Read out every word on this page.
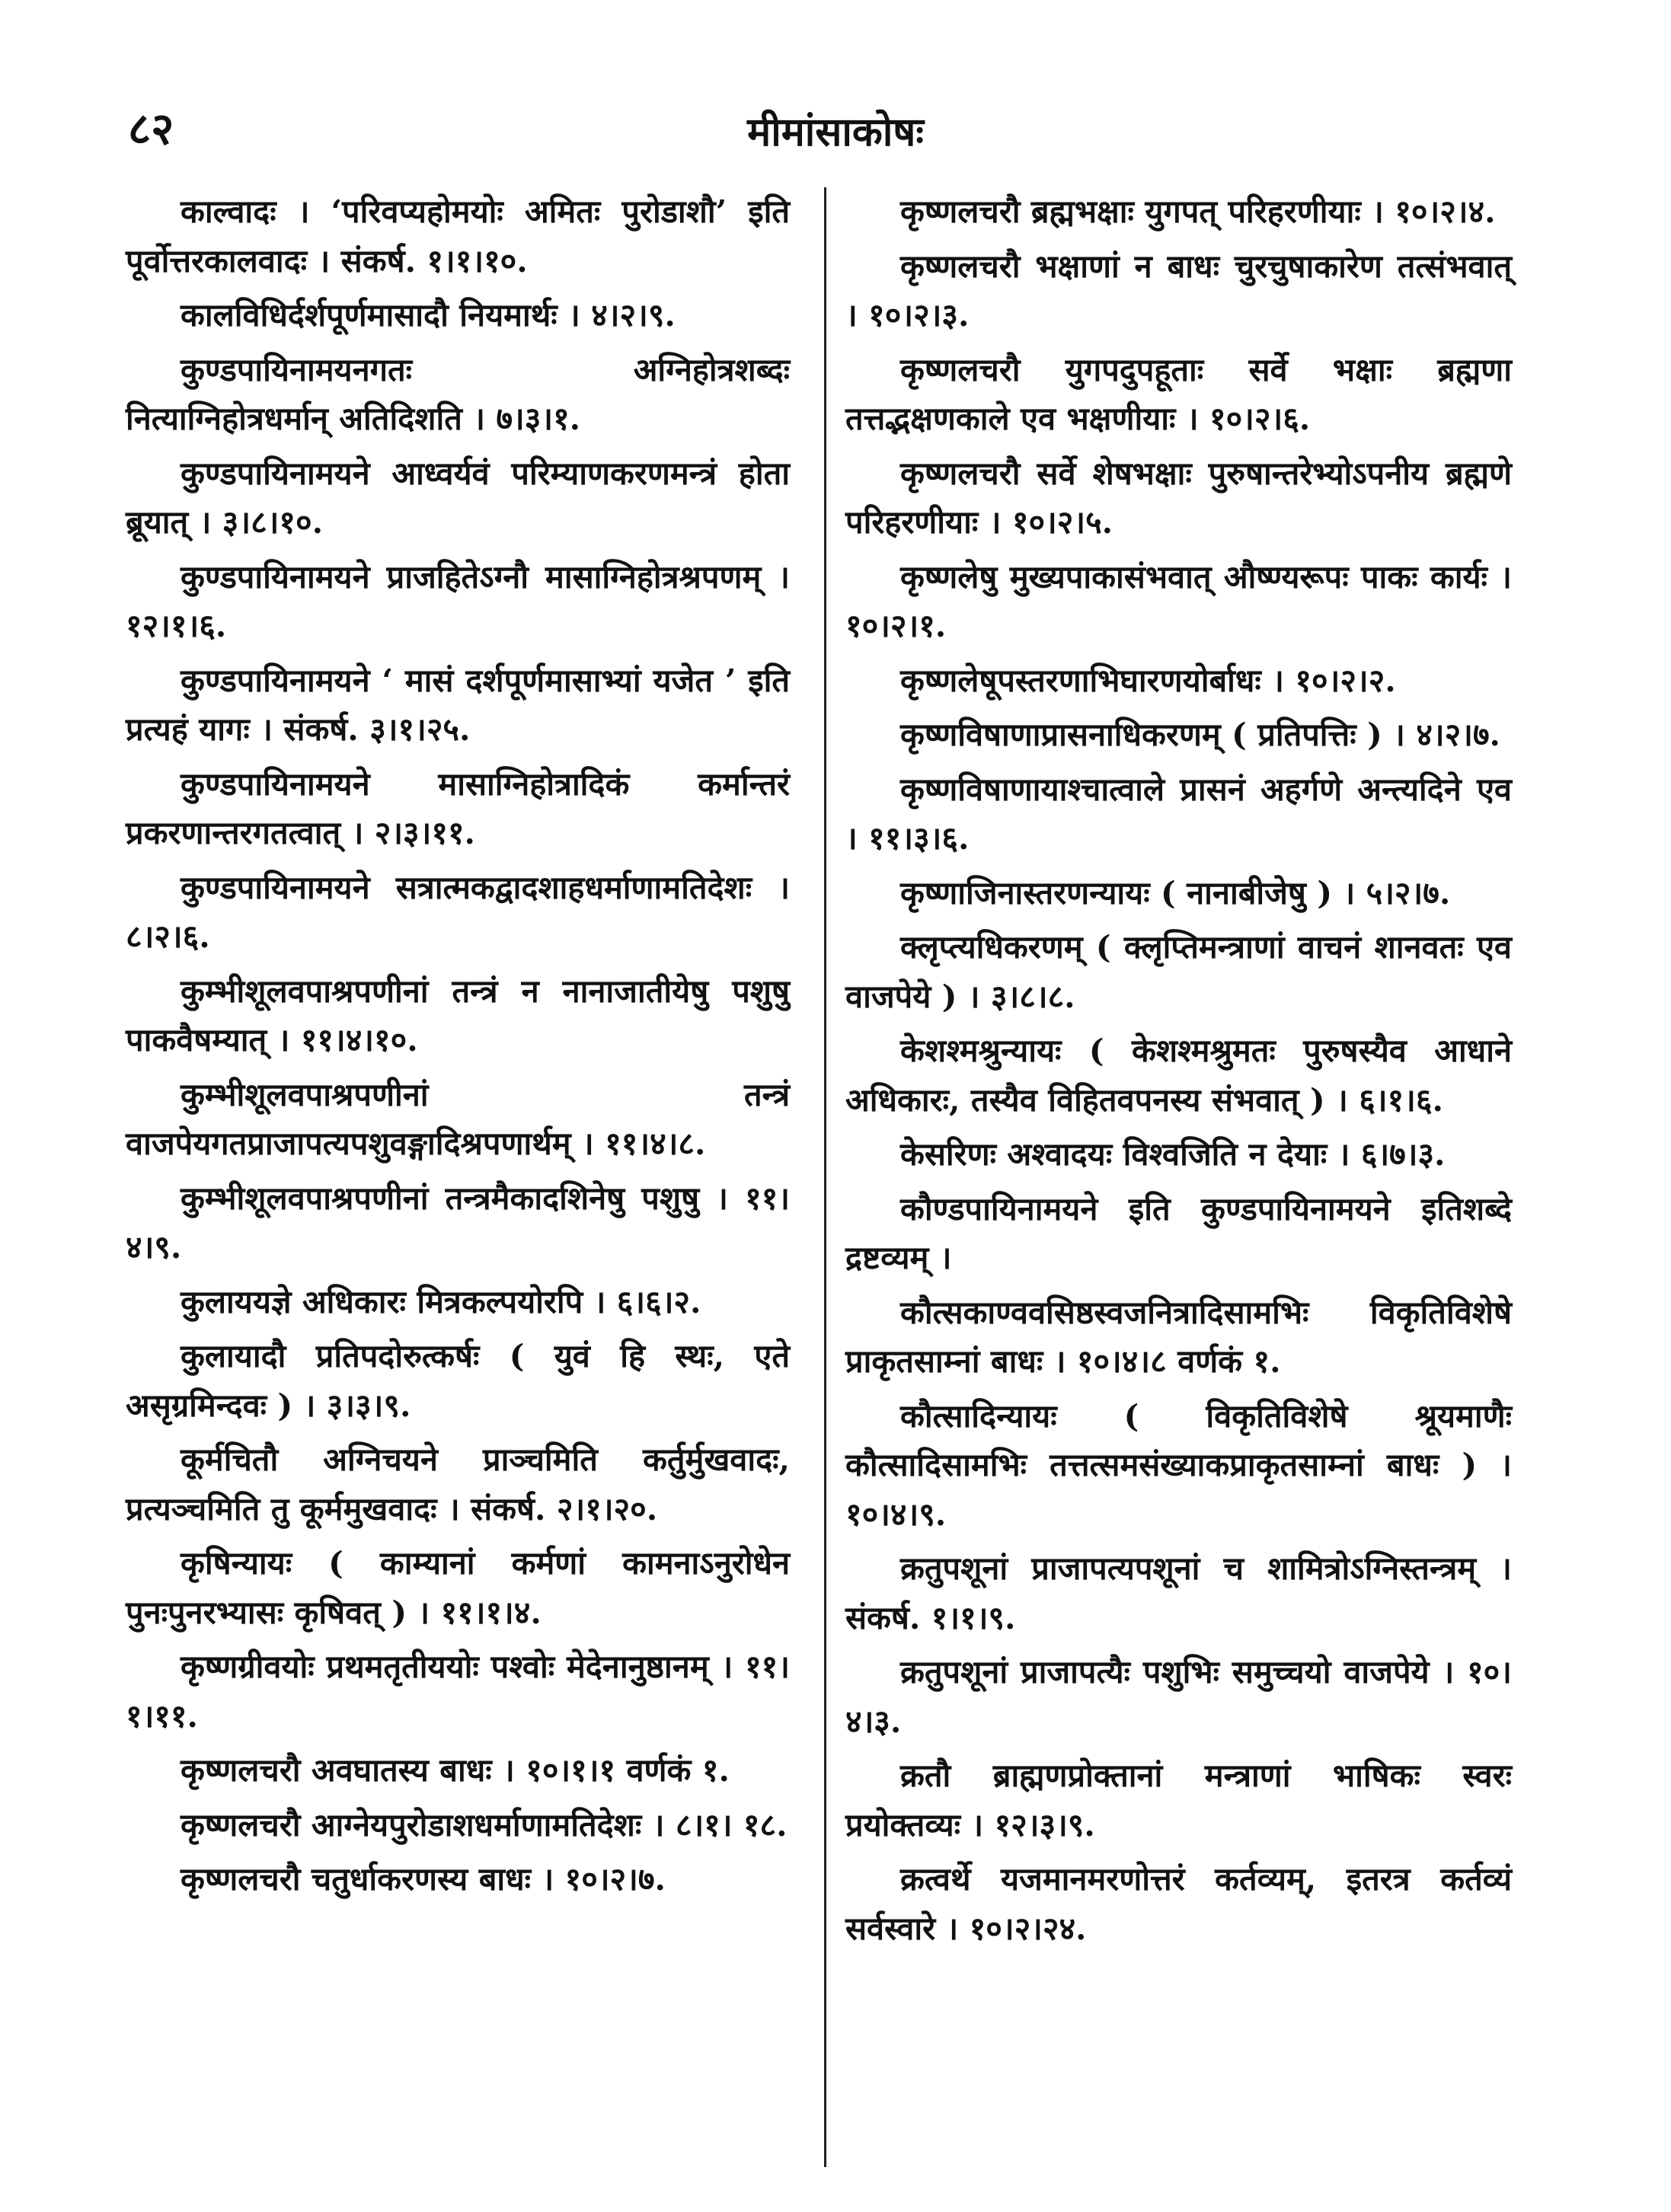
८२	मीमांसाकोषः

काल्वादः । ‘परिवप्यहोमयोः अमितः पुरोडाशौ’ इति पूर्वोत्तरकालवादः । संकर्ष. १।१।१०.

कालविधिर्दर्शपूर्णमासादौ नियमार्थः । ४।२।९.

कुण्डपायिनामयनगतः अग्निहोत्रशब्दः नित्याग्निहोत्रधर्मान् अतिदिशति । ७।३।१.

कुण्डपायिनामयने आध्वर्यवं परिम्याणकरणमन्त्रं होता ब्रूयात् । ३।८।१०.

कुण्डपायिनामयने प्राजहितेऽग्नौ मासाग्निहोत्रश्रपणम् । १२।१।६.

कुण्डपायिनामयने ‘ मासं दर्शपूर्णमासाभ्यां यजेत ’ इति प्रत्यहं यागः । संकर्ष. ३।१।२५.

कुण्डपायिनामयने मासाग्निहोत्रादिकं कर्मान्तरं प्रकरणान्तरगतत्वात् । २।३।११.

कुण्डपायिनामयने सत्रात्मकद्वादशाहधर्माणामतिदेशः । ८।२।६.

कुम्भीशूलवपाश्रपणीनां तन्त्रं न नानाजातीयेषु पशुषु पाकवैषम्यात् । ११।४।१०.

कुम्भीशूलवपाश्रपणीनां तन्त्रं वाजपेयगतप्राजापत्यपशुवङ्गादिश्रपणार्थम् । ११।४।८.

कुम्भीशूलवपाश्रपणीनां तन्त्रमैकादशिनेषु पशुषु । ११।४।९.

कुलाययज्ञे अधिकारः मित्रकल्पयोरपि । ६।६।२.

कुलायादौ प्रतिपदोरुत्कर्षः ( युवं हि स्थः, एते असृग्रमिन्दवः ) । ३।३।९.

कूर्मचितौ अग्निचयने प्राञ्चमिति कर्तुर्मुखवादः, प्रत्यञ्चमिति तु कूर्ममुखवादः । संकर्ष. २।१।२०.

कृषिन्यायः ( काम्यानां कर्मणां कामनाऽनुरोधेन पुनःपुनरभ्यासः कृषिवत् ) । ११।१।४.

कृष्णग्रीवयोः प्रथमतृतीययोः पश्वोः मेदेनानुष्ठानम् । ११।१।११.

कृष्णलचरौ अवघातस्य बाधः । १०।१।१ वर्णकं १.

कृष्णलचरौ आग्नेयपुरोडाशधर्माणामतिदेशः । ८।१। १८.

कृष्णलचरौ चतुर्धाकरणस्य बाधः । १०।२।७.

कृष्णलचरौ ब्रह्मभक्षाः युगपत् परिहरणीयाः । १०।२।४.

कृष्णलचरौ भक्षाणां न बाधः चुरचुषाकारेण तत्संभवात् । १०।२।३.

कृष्णलचरौ युगपदुपहूताः सर्वे भक्षाः ब्रह्मणा तत्तद्भक्षणकाले एव भक्षणीयाः । १०।२।६.

कृष्णलचरौ सर्वे शेषभक्षाः पुरुषान्तरेभ्योऽपनीय ब्रह्मणे परिहरणीयाः । १०।२।५.

कृष्णलेषु मुख्यपाकासंभवात् औष्ण्यरूपः पाकः कार्यः । १०।२।१.

कृष्णलेषूपस्तरणाभिघारणयोर्बाधः । १०।२।२.

कृष्णविषाणाप्रासनाधिकरणम् ( प्रतिपत्तिः ) । ४।२।७.

कृष्णविषाणायाश्चात्वाले प्रासनं अहर्गणे अन्त्यदिने एव । ११।३।६.

कृष्णाजिनास्तरणन्यायः ( नानाबीजेषु ) । ५।२।७.

क्लृप्त्यधिकरणम् ( क्लृप्तिमन्त्राणां वाचनं शानवतः एव वाजपेये ) । ३।८।८.

केशश्मश्रुन्यायः ( केशश्मश्रुमतः पुरुषस्यैव आधाने अधिकारः, तस्यैव विहितवपनस्य संभवात् ) । ६।१।६.

केसरिणः अश्वादयः विश्वजिति न देयाः । ६।७।३.

कौण्डपायिनामयने इति कुण्डपायिनामयने इतिशब्दे द्रष्टव्यम् ।

कौत्सकाण्ववसिष्ठस्वजनित्रादिसामभिः विकृतिविशेषे प्राकृतसाम्नां बाधः । १०।४।८ वर्णकं १.

कौत्सादिन्यायः ( विकृतिविशेषे श्रूयमाणैः कौत्सादिसामभिः तत्तत्समसंख्याकप्राकृतसाम्नां बाधः ) । १०।४।९.

क्रतुपशूनां प्राजापत्यपशूनां च शामित्रोऽग्निस्तन्त्रम् । संकर्ष. १।१।९.

क्रतुपशूनां प्राजापत्यैः पशुभिः समुच्चयो वाजपेये । १०।४।३.

क्रतौ ब्राह्मणप्रोक्तानां मन्त्राणां भाषिकः स्वरः प्रयोक्तव्यः । १२।३।९.

क्रत्वर्थे यजमानमरणोत्तरं कर्तव्यम्, इतरत्र कर्तव्यं सर्वस्वारे । १०।२।२४.
